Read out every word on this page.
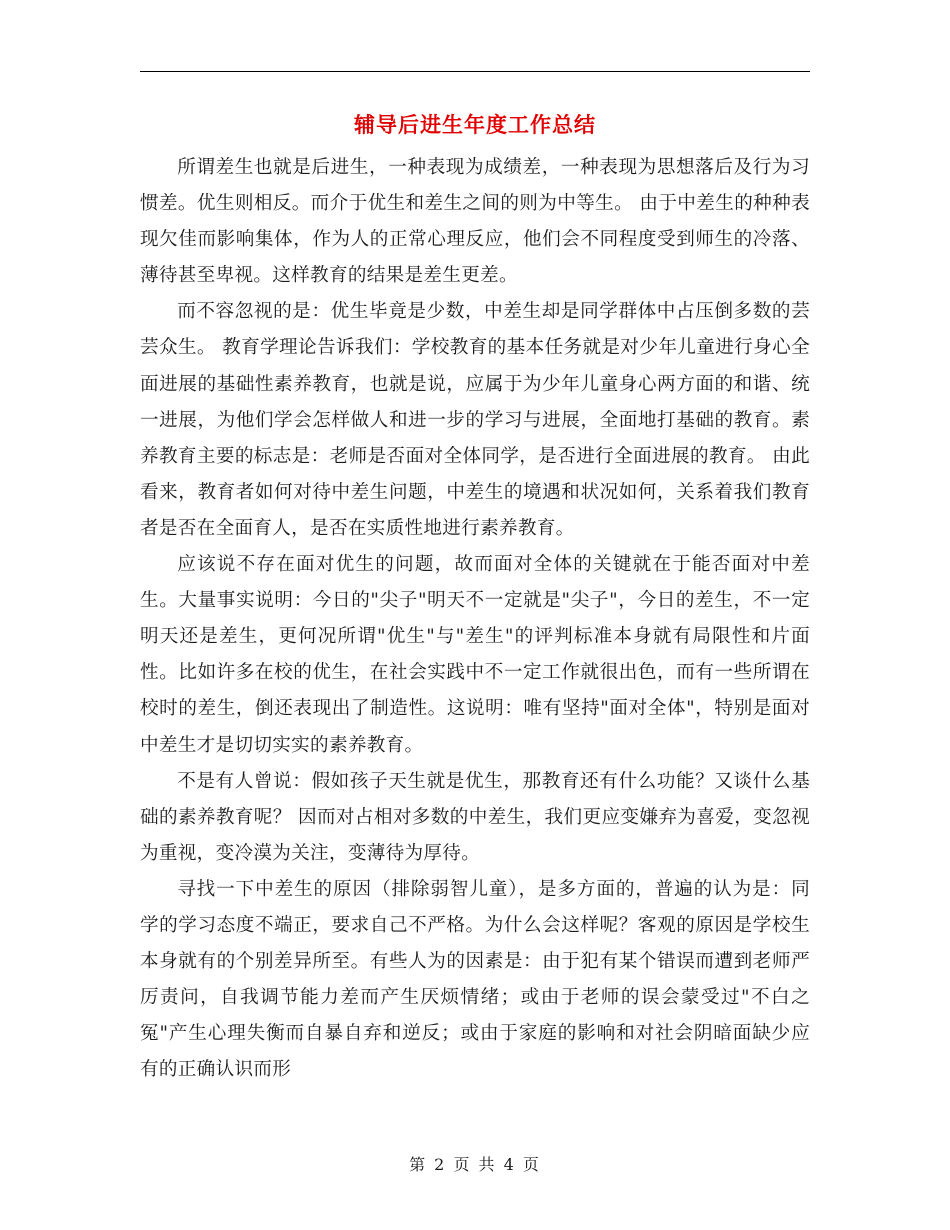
辅导后进生年度工作总结

所谓差生也就是后进生，一种表现为成绩差，一种表现为思想落后及行为习惯差。优生则相反。而介于优生和差生之间的则为中等生。 由于中差生的种种表现欠佳而影响集体，作为人的正常心理反应，他们会不同程度受到师生的冷落、薄待甚至卑视。这样教育的结果是差生更差。

而不容忽视的是：优生毕竟是少数，中差生却是同学群体中占压倒多数的芸芸众生。 教育学理论告诉我们：学校教育的基本任务就是对少年儿童进行身心全面进展的基础性素养教育，也就是说，应属于为少年儿童身心两方面的和谐、统一进展，为他们学会怎样做人和进一步的学习与进展，全面地打基础的教育。素养教育主要的标志是：老师是否面对全体同学，是否进行全面进展的教育。 由此看来，教育者如何对待中差生问题，中差生的境遇和状况如何，关系着我们教育者是否在全面育人，是否在实质性地进行素养教育。

应该说不存在面对优生的问题，故而面对全体的关键就在于能否面对中差生。大量事实说明：今日的"尖子"明天不一定就是"尖子"，今日的差生，不一定明天还是差生，更何况所谓"优生"与"差生"的评判标准本身就有局限性和片面性。比如许多在校的优生，在社会实践中不一定工作就很出色，而有一些所谓在校时的差生，倒还表现出了制造性。这说明：唯有坚持"面对全体"，特别是面对中差生才是切切实实的素养教育。

不是有人曾说：假如孩子天生就是优生，那教育还有什么功能？又谈什么基础的素养教育呢？ 因而对占相对多数的中差生，我们更应变嫌弃为喜爱，变忽视为重视，变冷漠为关注，变薄待为厚待。

寻找一下中差生的原因（排除弱智儿童），是多方面的，普遍的认为是：同学的学习态度不端正，要求自己不严格。为什么会这样呢？客观的原因是学校生本身就有的个别差异所至。有些人为的因素是：由于犯有某个错误而遭到老师严厉责问，自我调节能力差而产生厌烦情绪；或由于老师的误会蒙受过"不白之冤"产生心理失衡而自暴自弃和逆反；或由于家庭的影响和对社会阴暗面缺少应有的正确认识而形

第 2 页 共 4 页
